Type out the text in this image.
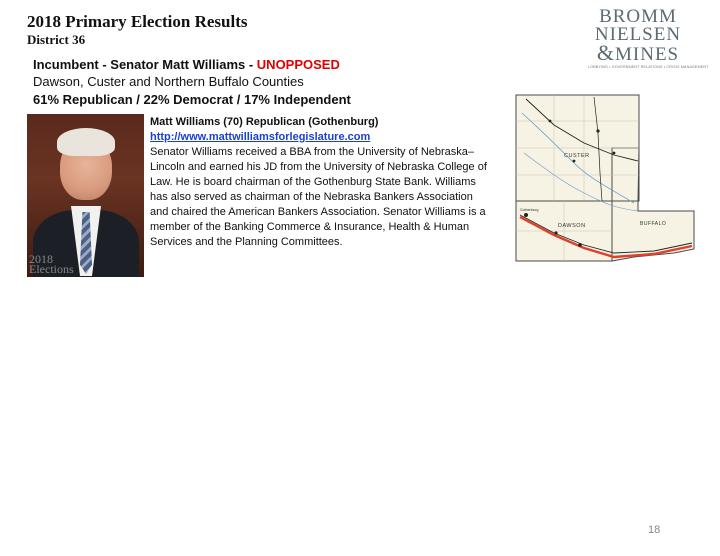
2018 Primary Election Results
District 36
BROMM
NIELSEN
&MINES
LOBBYING • GOVERNMENT RELATIONS • CRISIS MANAGEMENT
Incumbent - Senator Matt Williams - UNOPPOSED
Dawson, Custer and Northern Buffalo Counties
61% Republican / 22% Democrat / 17% Independent
2018
Elections
Matt Williams (70) Republican (Gothenburg)
http://www.mattwilliamsforlegislature.com

Senator Williams received a BBA from the University of Nebraska–Lincoln and earned his JD from the University of Nebraska College of Law. He is board chairman of the Gothenburg State Bank. Williams has also served as chairman of the Nebraska Bankers Association and chaired the American Bankers Association. Senator Williams is a member of the Banking Commerce & Insurance, Health & Human Services and the Planning Committees.

CUSTER
DAWSON	BUFFALO
Gothenburg
18
